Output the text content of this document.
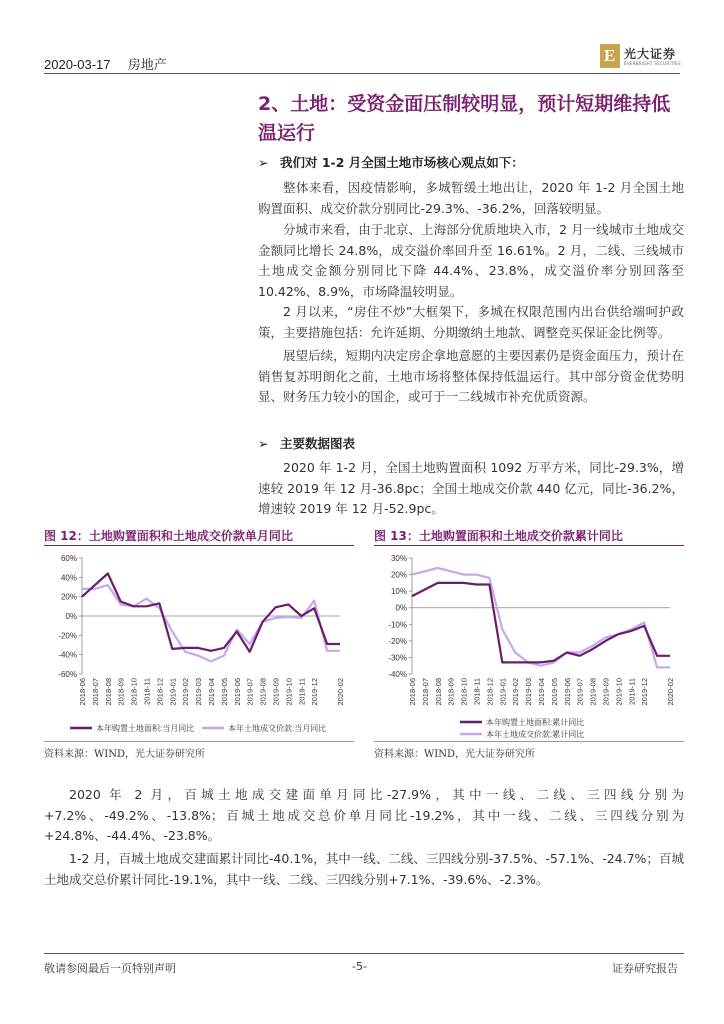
2020-03-17 房地产	E 光大证券
EVERBRIGHT SECURITIES
2、土地：受资金面压制较明显，预计短期维持低温运行
➢ 我们对 1-2 月全国土地市场核心观点如下：
整体来看，因疫情影响，多城暂缓土地出让，2020 年 1-2 月全国土地购置面积、成交价款分别同比-29.3%、-36.2%，回落较明显。
分城市来看，由于北京、上海部分优质地块入市，2 月一线城市土地成交金额同比增长 24.8%，成交溢价率回升至 16.61%。2 月，二线、三线城市土地成交金额分别同比下降 44.4%、23.8%，成交溢价率分别回落至 10.42%、8.9%，市场降温较明显。
2 月以来，“房住不炒”大框架下，多城在权限范围内出台供给端呵护政策，主要措施包括：允许延期、分期缴纳土地款、调整竞买保证金比例等。
展望后续，短期内决定房企拿地意愿的主要因素仍是资金面压力，预计在销售复苏明朗化之前，土地市场将整体保持低温运行。其中部分资金优势明显、财务压力较小的国企，或可于一二线城市补充优质资源。
➢ 主要数据图表
2020 年 1-2 月，全国土地购置面积 1092 万平方米，同比-29.3%，增速较 2019 年 12 月-36.8pc；全国土地成交价款 440 亿元，同比-36.2%，增速较 2019 年 12 月-52.9pc。
图 12：土地购置面积和土地成交价款单月同比
-60%
-40%
-20%
0%
20%
40%
60%
2018-06 2018-07 2018-08 2018-09 2018-10 2018-11 2018-12 2019-01 2019-02 2019-03 2019-04 2019-05 2019-06 2019-07 2019-08 2019-09 2019-10 2019-11 2019-12 2020-02
本年购置土地面积:当月同比	本年土地成交价款:当月同比
资料来源：WIND，光大证券研究所
图 13：土地购置面积和土地成交价款累计同比
-40%
-30%
-20%
-10%
0%
10%
20%
30%
2018-06 2018-07 2018-08 2018-09 2018-10 2018-11 2018-12 2019-01 2019-02 2019-03 2019-04 2019-05 2019-06 2019-07 2019-08 2019-09 2019-10 2019-11 2019-12 2020-02
本年购置土地面积:累计同比
本年土地成交价款:累计同比
资料来源：WIND，光大证券研究所
2020 年 2 月，百城土地成交建面单月同比-27.9%，其中一线、二线、三四线分别为+7.2%、-49.2%、-13.8%；百城土地成交总价单月同比-19.2%，其中一线、二线、三四线分别为+24.8%、-44.4%、-23.8%。
1-2 月，百城土地成交建面累计同比-40.1%，其中一线、二线、三四线分别-37.5%、-57.1%、-24.7%；百城土地成交总价累计同比-19.1%，其中一线、二线、三四线分别+7.1%、-39.6%、-2.3%。
敬请参阅最后一页特别声明	-5-	证券研究报告
